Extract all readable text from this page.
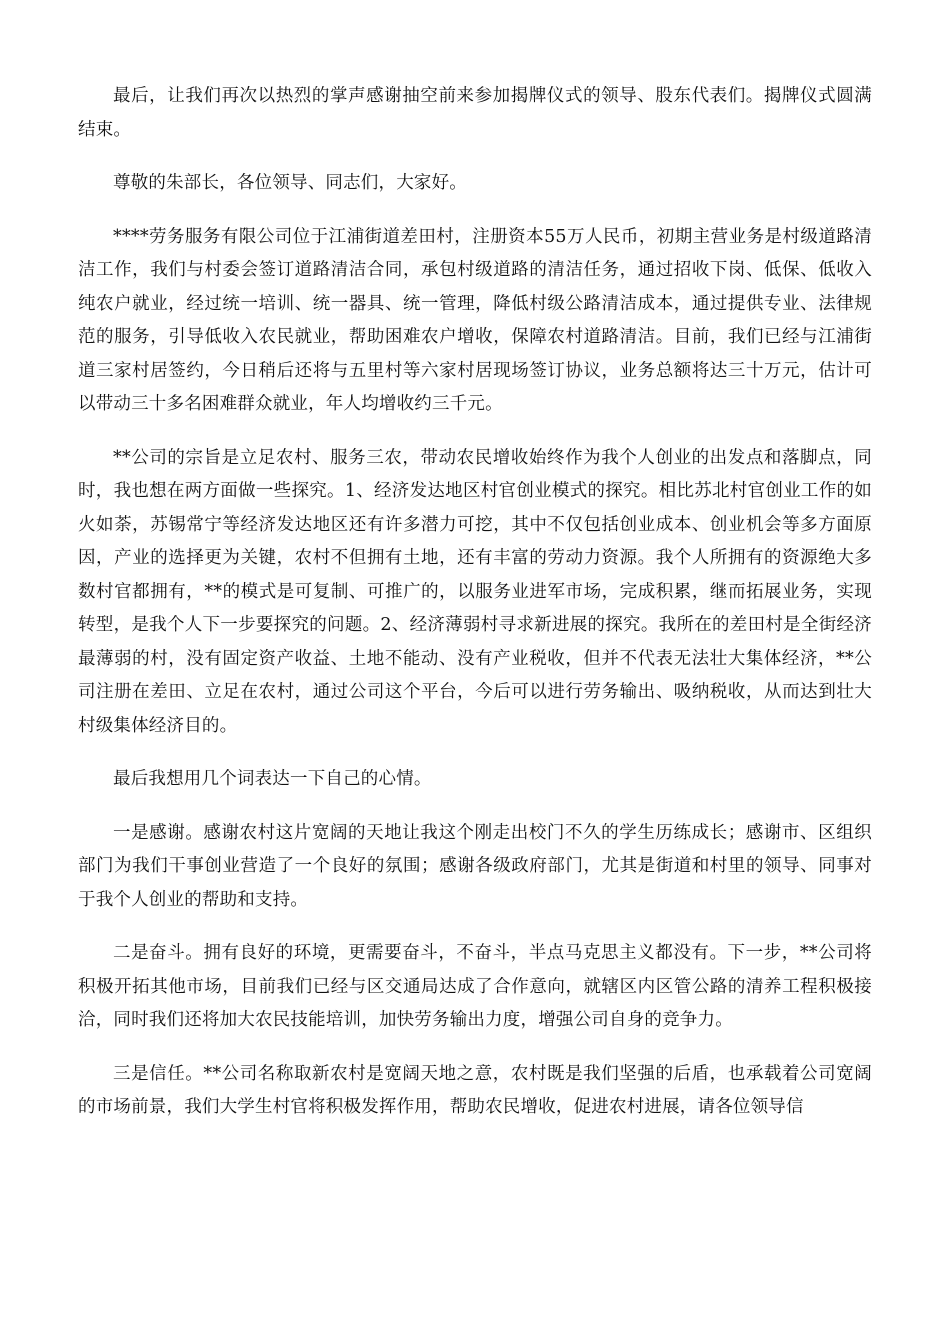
最后，让我们再次以热烈的掌声感谢抽空前来参加揭牌仪式的领导、股东代表们。揭牌仪式圆满结束。

尊敬的朱部长，各位领导、同志们，大家好。

****劳务服务有限公司位于江浦街道差田村，注册资本55万人民币，初期主营业务是村级道路清洁工作，我们与村委会签订道路清洁合同，承包村级道路的清洁任务，通过招收下岗、低保、低收入纯农户就业，经过统一培训、统一器具、统一管理，降低村级公路清洁成本，通过提供专业、法律规范的服务，引导低收入农民就业，帮助困难农户增收，保障农村道路清洁。目前，我们已经与江浦街道三家村居签约，今日稍后还将与五里村等六家村居现场签订协议，业务总额将达三十万元，估计可以带动三十多名困难群众就业，年人均增收约三千元。

**公司的宗旨是立足农村、服务三农，带动农民增收始终作为我个人创业的出发点和落脚点，同时，我也想在两方面做一些探究。1、经济发达地区村官创业模式的探究。相比苏北村官创业工作的如火如荼，苏锡常宁等经济发达地区还有许多潜力可挖，其中不仅包括创业成本、创业机会等多方面原因，产业的选择更为关键，农村不但拥有土地，还有丰富的劳动力资源。我个人所拥有的资源绝大多数村官都拥有，**的模式是可复制、可推广的，以服务业进军市场，完成积累，继而拓展业务，实现转型，是我个人下一步要探究的问题。2、经济薄弱村寻求新进展的探究。我所在的差田村是全街经济最薄弱的村，没有固定资产收益、土地不能动、没有产业税收，但并不代表无法壮大集体经济，**公司注册在差田、立足在农村，通过公司这个平台，今后可以进行劳务输出、吸纳税收，从而达到壮大村级集体经济目的。

最后我想用几个词表达一下自己的心情。

一是感谢。感谢农村这片宽阔的天地让我这个刚走出校门不久的学生历练成长；感谢市、区组织部门为我们干事创业营造了一个良好的氛围；感谢各级政府部门，尤其是街道和村里的领导、同事对于我个人创业的帮助和支持。

二是奋斗。拥有良好的环境，更需要奋斗，不奋斗，半点马克思主义都没有。下一步，**公司将积极开拓其他市场，目前我们已经与区交通局达成了合作意向，就辖区内区管公路的清养工程积极接洽，同时我们还将加大农民技能培训，加快劳务输出力度，增强公司自身的竞争力。

三是信任。**公司名称取新农村是宽阔天地之意，农村既是我们坚强的后盾，也承载着公司宽阔的市场前景，我们大学生村官将积极发挥作用，帮助农民增收，促进农村进展，请各位领导信
